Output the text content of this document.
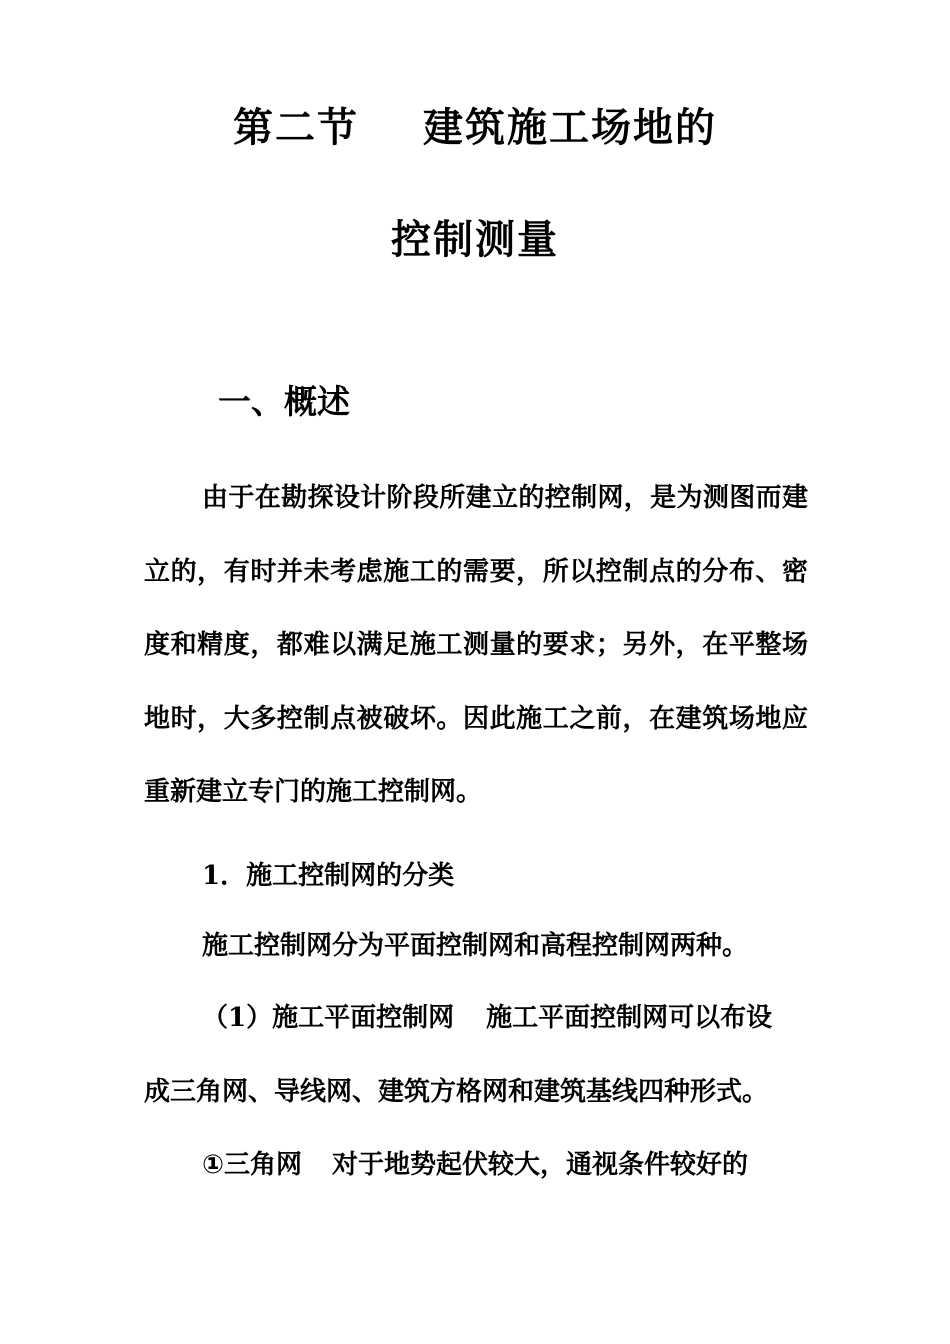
第二节 建筑施工场地的
控制测量
一、概述

由于在勘探设计阶段所建立的控制网，是为测图而建立的，有时并未考虑施工的需要，所以控制点的分布、密度和精度，都难以满足施工测量的要求；另外，在平整场地时，大多控制点被破坏。因此施工之前，在建筑场地应重新建立专门的施工控制网。

1．施工控制网的分类
施工控制网分为平面控制网和高程控制网两种。
（1）施工平面控制网 施工平面控制网可以布设
成三角网、导线网、建筑方格网和建筑基线四种形式。
①三角网 对于地势起伏较大，通视条件较好的
